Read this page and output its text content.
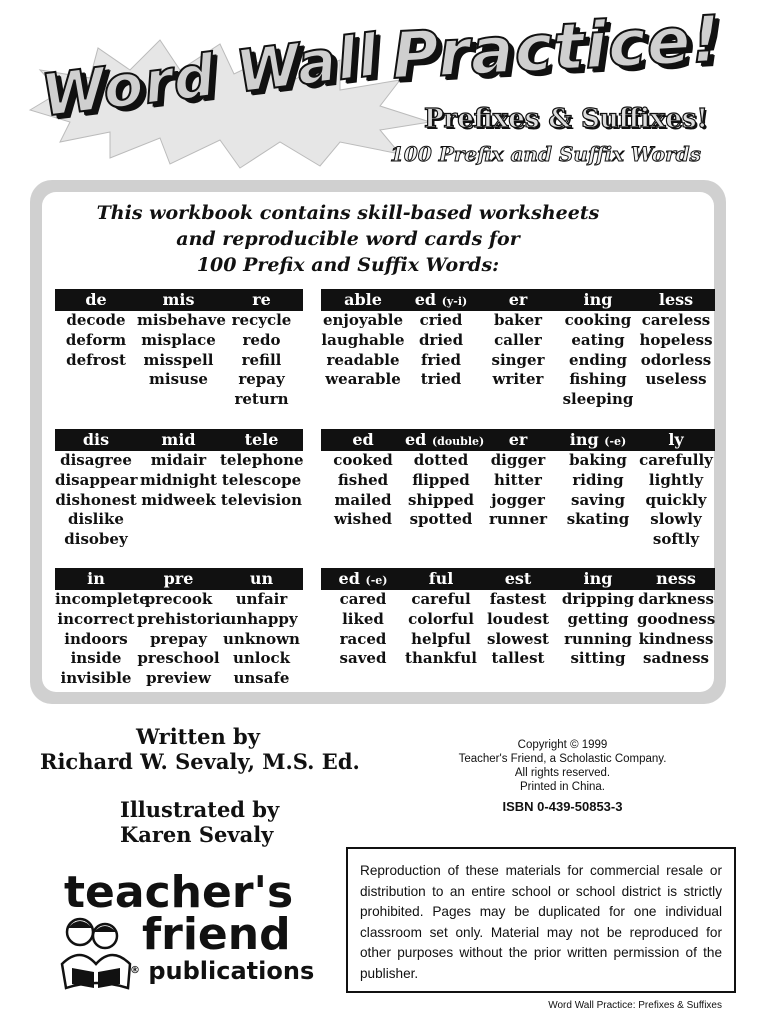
Word Wall Practice!
Prefixes & Suffixes!
100 Prefix and Suffix Words
This workbook contains skill-based worksheets
and reproducible word cards for
100 Prefix and Suffix Words:
de
decode
deform
defrost
mis
misbehave
misplace
misspell
misuse
re
recycle
redo
refill
repay
return
able
enjoyable
laughable
readable
wearable
ed (y-i)
cried
dried
fried
tried
er
baker
caller
singer
writer
ing
cooking
eating
ending
fishing
sleeping
less
careless
hopeless
odorless
useless
dis
disagree
disappear
dishonest
dislike
disobey
mid
midair
midnight
midweek
tele
telephone
telescope
television
ed
cooked
fished
mailed
wished
ed (double)
dotted
flipped
shipped
spotted
er
digger
hitter
jogger
runner
ing (-e)
baking
riding
saving
skating
ly
carefully
lightly
quickly
slowly
softly
in
incomplete
incorrect
indoors
inside
invisible
pre
precook
prehistoric
prepay
preschool
preview
un
unfair
unhappy
unknown
unlock
unsafe
ed (-e)
cared
liked
raced
saved
ful
careful
colorful
helpful
thankful
est
fastest
loudest
slowest
tallest
ing
dripping
getting
running
sitting
ness
darkness
goodness
kindness
sadness
Written by
Richard W. Sevaly, M.S. Ed.
Illustrated by
Karen Sevaly
Copyright © 1999
Teacher's Friend, a Scholastic Company.
All rights reserved.
Printed in China.
ISBN 0-439-50853-3
teacher's
friend
® publications
Reproduction of these materials for commercial resale or distribution to an entire school or school district is strictly prohibited. Pages may be duplicated for one individual classroom set only. Material may not be reproduced for other purposes without the prior written permission of the publisher.
Word Wall Practice: Prefixes & Suffixes
